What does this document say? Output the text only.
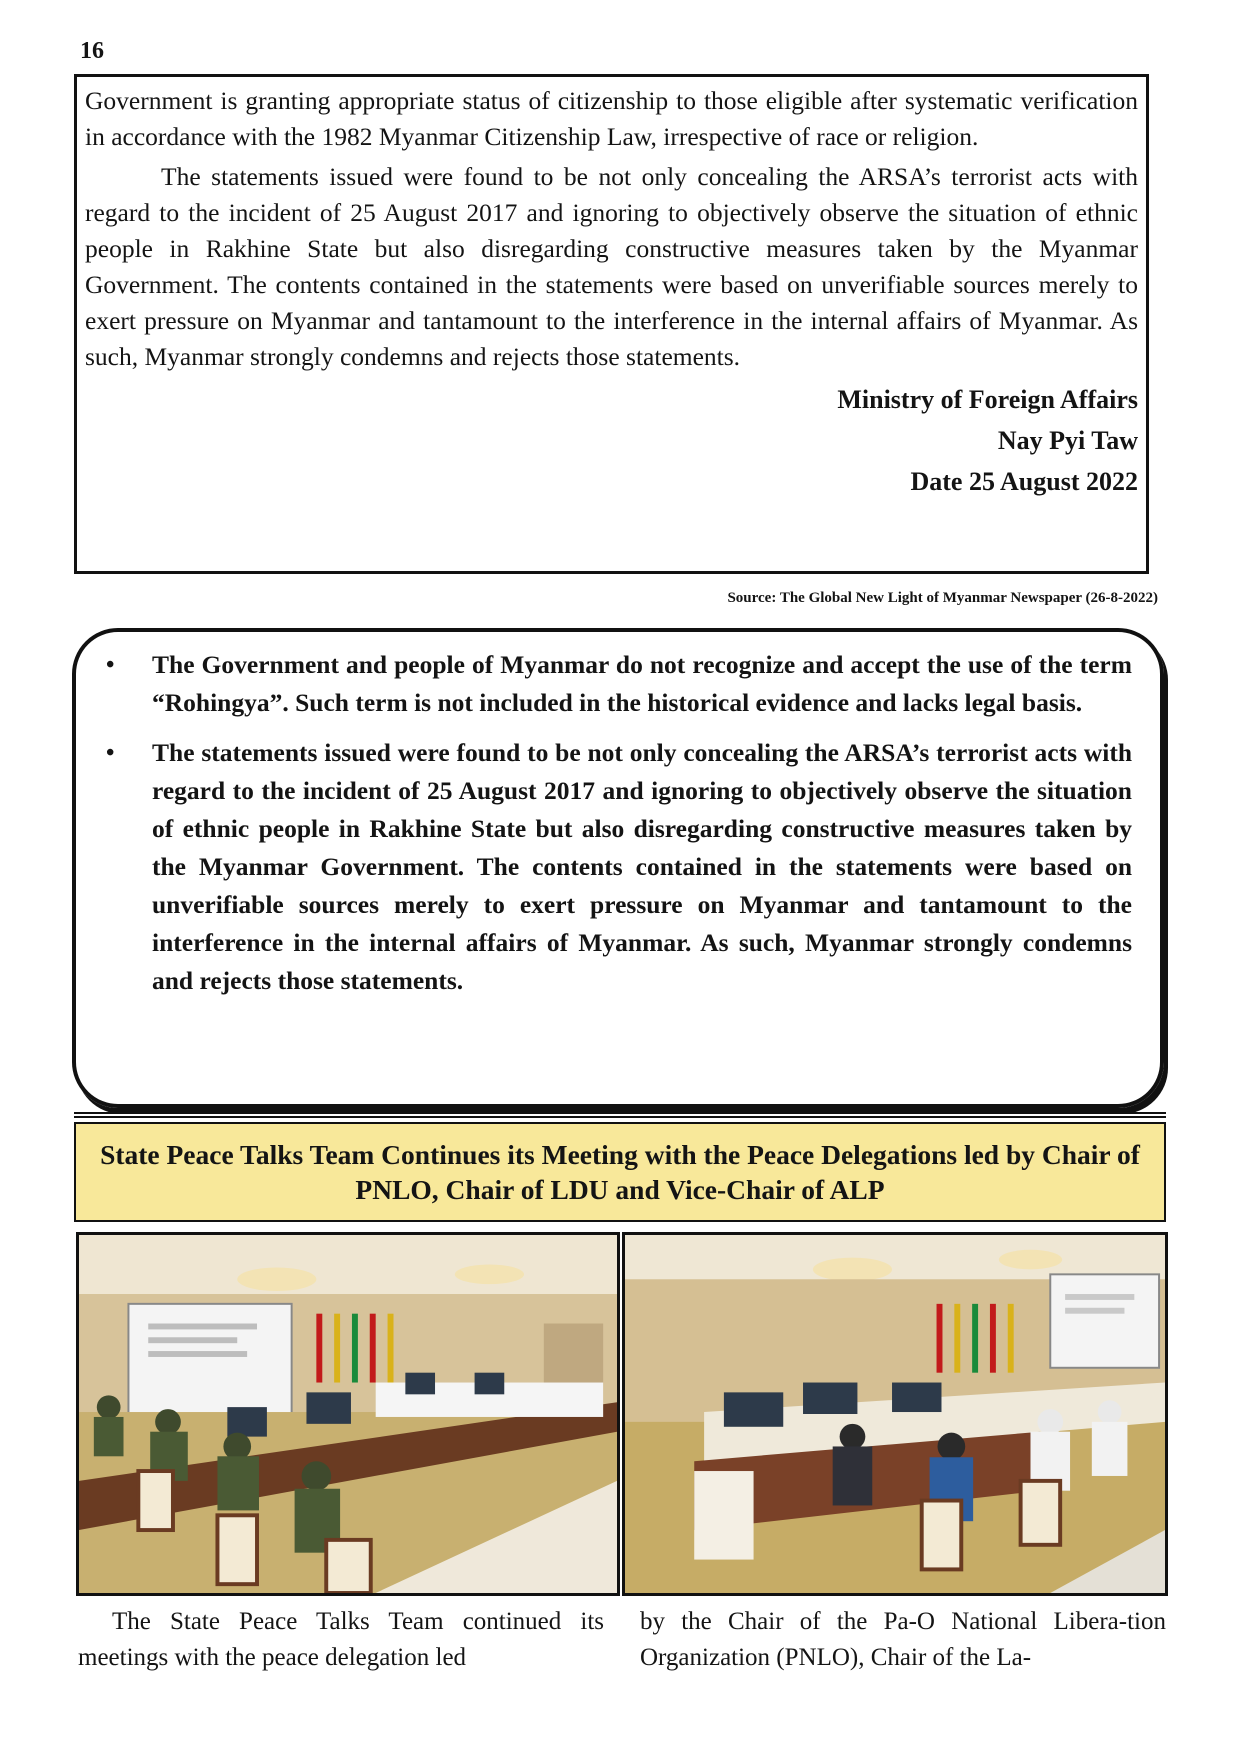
16

Government is granting appropriate status of citizenship to those eligible after systematic verification in accordance with the 1982 Myanmar Citizenship Law, irrespective of race or religion.

The statements issued were found to be not only concealing the ARSA’s terrorist acts with regard to the incident of 25 August 2017 and ignoring to objectively observe the situation of ethnic people in Rakhine State but also disregarding constructive measures taken by the Myanmar Government. The contents contained in the statements were based on unverifiable sources merely to exert pressure on Myanmar and tantamount to the interference in the internal affairs of Myanmar. As such, Myanmar strongly condemns and rejects those statements.

Ministry of Foreign Affairs
Nay Pyi Taw
Date 25 August 2022
Source: The Global New Light of Myanmar Newspaper (26-8-2022)
• The Government and people of Myanmar do not recognize and accept the use of the term “Rohingya”. Such term is not included in the historical evidence and lacks legal basis.
• The statements issued were found to be not only concealing the ARSA’s terrorist acts with regard to the incident of 25 August 2017 and ignoring to objectively observe the situation of ethnic people in Rakhine State but also disregarding constructive measures taken by the Myanmar Government. The contents contained in the statements were based on unverifiable sources merely to exert pressure on Myanmar and tantamount to the interference in the internal affairs of Myanmar. As such, Myanmar strongly condemns and rejects those statements.
State Peace Talks Team Continues its Meeting with the Peace Delegations led by Chair of PNLO, Chair of LDU and Vice-Chair of ALP
The State Peace Talks Team continued its meetings with the peace delegation led
by the Chair of the Pa-O National Libera-tion Organization (PNLO), Chair of the La-
